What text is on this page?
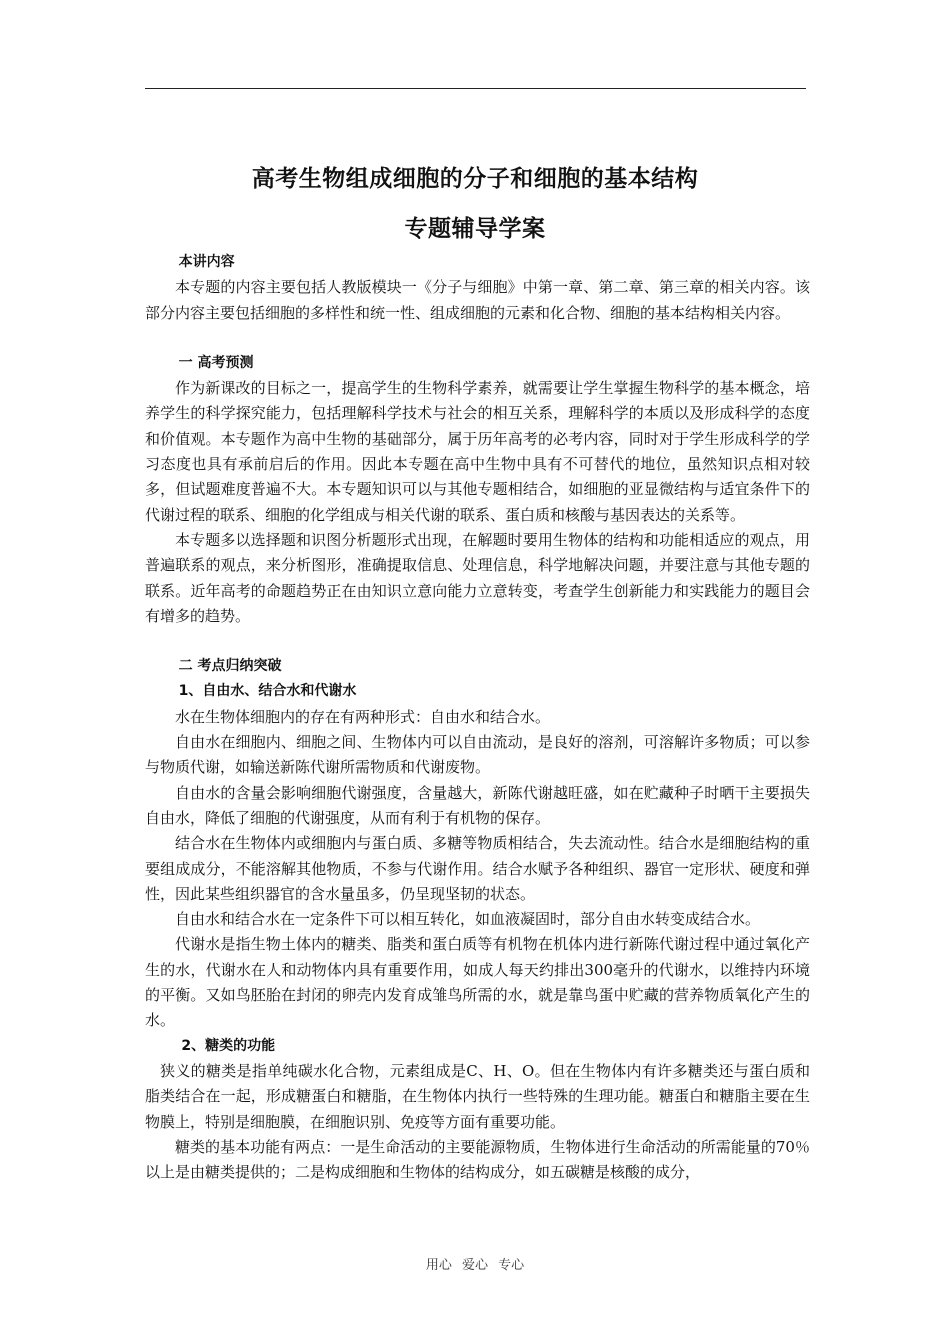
高考生物组成细胞的分子和细胞的基本结构
专题辅导学案

本讲内容

本专题的内容主要包括人教版模块一《分子与细胞》中第一章、第二章、第三章的相关内容。该部分内容主要包括细胞的多样性和统一性、组成细胞的元素和化合物、细胞的基本结构相关内容。

一 高考预测

作为新课改的目标之一，提高学生的生物科学素养，就需要让学生掌握生物科学的基本概念，培养学生的科学探究能力，包括理解科学技术与社会的相互关系，理解科学的本质以及形成科学的态度和价值观。本专题作为高中生物的基础部分，属于历年高考的必考内容，同时对于学生形成科学的学习态度也具有承前启后的作用。因此本专题在高中生物中具有不可替代的地位，虽然知识点相对较多，但试题难度普遍不大。本专题知识可以与其他专题相结合，如细胞的亚显微结构与适宜条件下的代谢过程的联系、细胞的化学组成与相关代谢的联系、蛋白质和核酸与基因表达的关系等。

本专题多以选择题和识图分析题形式出现，在解题时要用生物体的结构和功能相适应的观点，用普遍联系的观点，来分析图形，准确提取信息、处理信息，科学地解决问题，并要注意与其他专题的联系。近年高考的命题趋势正在由知识立意向能力立意转变，考查学生创新能力和实践能力的题目会有增多的趋势。

二 考点归纳突破

1、自由水、结合水和代谢水

水在生物体细胞内的存在有两种形式：自由水和结合水。

自由水在细胞内、细胞之间、生物体内可以自由流动，是良好的溶剂，可溶解许多物质；可以参与物质代谢，如输送新陈代谢所需物质和代谢废物。

自由水的含量会影响细胞代谢强度，含量越大，新陈代谢越旺盛，如在贮藏种子时晒干主要损失自由水，降低了细胞的代谢强度，从而有利于有机物的保存。

结合水在生物体内或细胞内与蛋白质、多糖等物质相结合，失去流动性。结合水是细胞结构的重要组成成分，不能溶解其他物质，不参与代谢作用。结合水赋予各种组织、器官一定形状、硬度和弹性，因此某些组织器官的含水量虽多，仍呈现坚韧的状态。

自由水和结合水在一定条件下可以相互转化，如血液凝固时，部分自由水转变成结合水。

代谢水是指生物土体内的糖类、脂类和蛋白质等有机物在机体内进行新陈代谢过程中通过氧化产生的水，代谢水在人和动物体内具有重要作用，如成人每天约排出300毫升的代谢水，以维持内环境的平衡。又如鸟胚胎在封闭的卵壳内发育成雏鸟所需的水，就是靠鸟蛋中贮藏的营养物质氧化产生的水。

2、糖类的功能

狭义的糖类是指单纯碳水化合物，元素组成是C、H、O。但在生物体内有许多糖类还与蛋白质和脂类结合在一起，形成糖蛋白和糖脂，在生物体内执行一些特殊的生理功能。糖蛋白和糖脂主要在生物膜上，特别是细胞膜，在细胞识别、免疫等方面有重要功能。

糖类的基本功能有两点：一是生命活动的主要能源物质，生物体进行生命活动的所需能量的70％以上是由糖类提供的；二是构成细胞和生物体的结构成分，如五碳糖是核酸的成分，

用心 爱心 专心
